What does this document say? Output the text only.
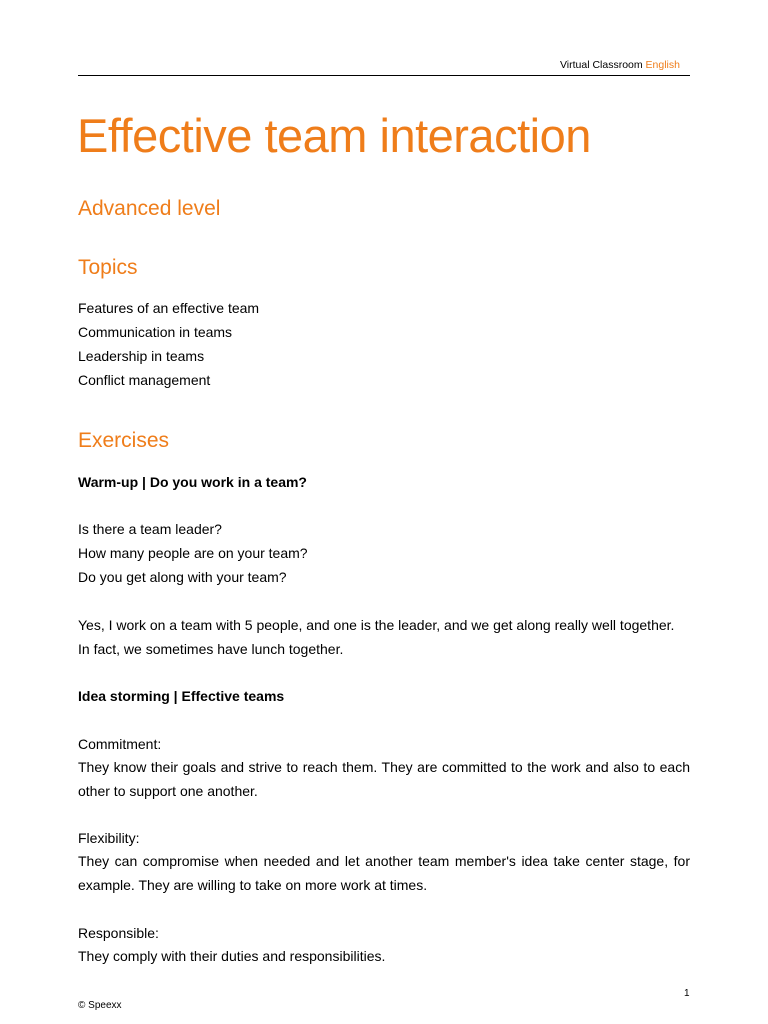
Virtual Classroom English
Effective team interaction
Advanced level
Topics
Features of an effective team
Communication in teams
Leadership in teams
Conflict management
Exercises
Warm-up | Do you work in a team?
Is there a team leader?
How many people are on your team?
Do you get along with your team?
Yes, I work on a team with 5 people, and one is the leader, and we get along really well together.
In fact, we sometimes have lunch together.
Idea storming | Effective teams
Commitment:
They know their goals and strive to reach them. They are committed to the work and also to each other to support one another.
Flexibility:
They can compromise when needed and let another team member's idea take center stage, for example. They are willing to take on more work at times.
Responsible:
They comply with their duties and responsibilities.
1
© Speexx
